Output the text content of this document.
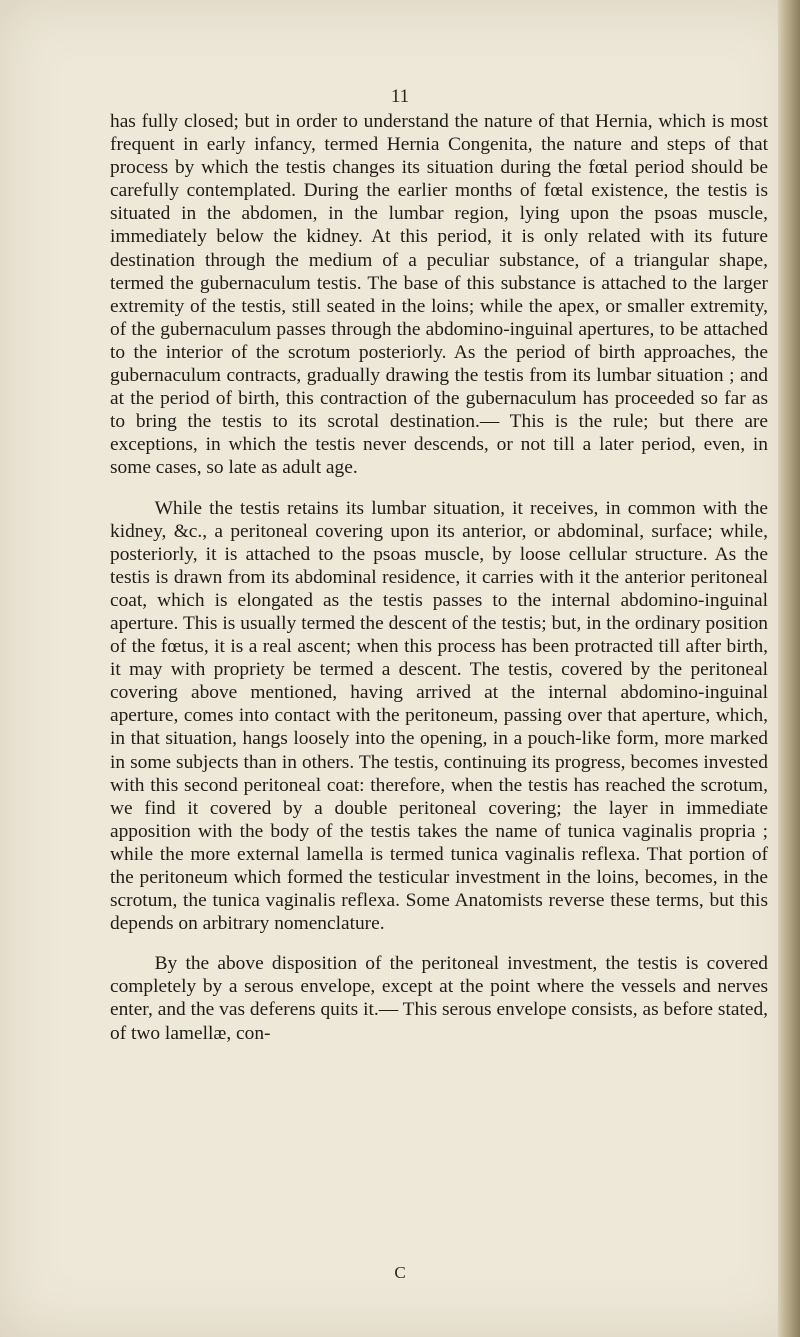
11

has fully closed; but in order to understand the nature of that Hernia, which is most frequent in early infancy, termed Hernia Congenita, the nature and steps of that process by which the testis changes its situation during the fœtal period should be carefully contemplated. During the earlier months of fœtal existence, the testis is situated in the abdomen, in the lumbar region, lying upon the psoas muscle, immediately below the kidney. At this period, it is only related with its future destination through the medium of a peculiar substance, of a triangular shape, termed the gubernaculum testis. The base of this substance is attached to the larger extremity of the testis, still seated in the loins; while the apex, or smaller extremity, of the gubernaculum passes through the abdomino-inguinal apertures, to be attached to the interior of the scrotum posteriorly. As the period of birth approaches, the gubernaculum contracts, gradually drawing the testis from its lumbar situation ; and at the period of birth, this contraction of the gubernaculum has proceeded so far as to bring the testis to its scrotal destination.— This is the rule; but there are exceptions, in which the testis never descends, or not till a later period, even, in some cases, so late as adult age.

While the testis retains its lumbar situation, it receives, in common with the kidney, &c., a peritoneal covering upon its anterior, or abdominal, surface; while, posteriorly, it is attached to the psoas muscle, by loose cellular structure. As the testis is drawn from its abdominal residence, it carries with it the anterior peritoneal coat, which is elongated as the testis passes to the internal abdomino-inguinal aperture. This is usually termed the descent of the testis; but, in the ordinary position of the fœtus, it is a real ascent; when this process has been protracted till after birth, it may with propriety be termed a descent. The testis, covered by the peritoneal covering above mentioned, having arrived at the internal abdomino-inguinal aperture, comes into contact with the peritoneum, passing over that aperture, which, in that situation, hangs loosely into the opening, in a pouch-like form, more marked in some subjects than in others. The testis, continuing its progress, becomes invested with this second peritoneal coat: therefore, when the testis has reached the scrotum, we find it covered by a double peritoneal covering; the layer in immediate apposition with the body of the testis takes the name of tunica vaginalis propria ; while the more external lamella is termed tunica vaginalis reflexa. That portion of the peritoneum which formed the testicular investment in the loins, becomes, in the scrotum, the tunica vaginalis reflexa. Some Anatomists reverse these terms, but this depends on arbitrary nomenclature.

By the above disposition of the peritoneal investment, the testis is covered completely by a serous envelope, except at the point where the vessels and nerves enter, and the vas deferens quits it.— This serous envelope consists, as before stated, of two lamellæ, con-

C
